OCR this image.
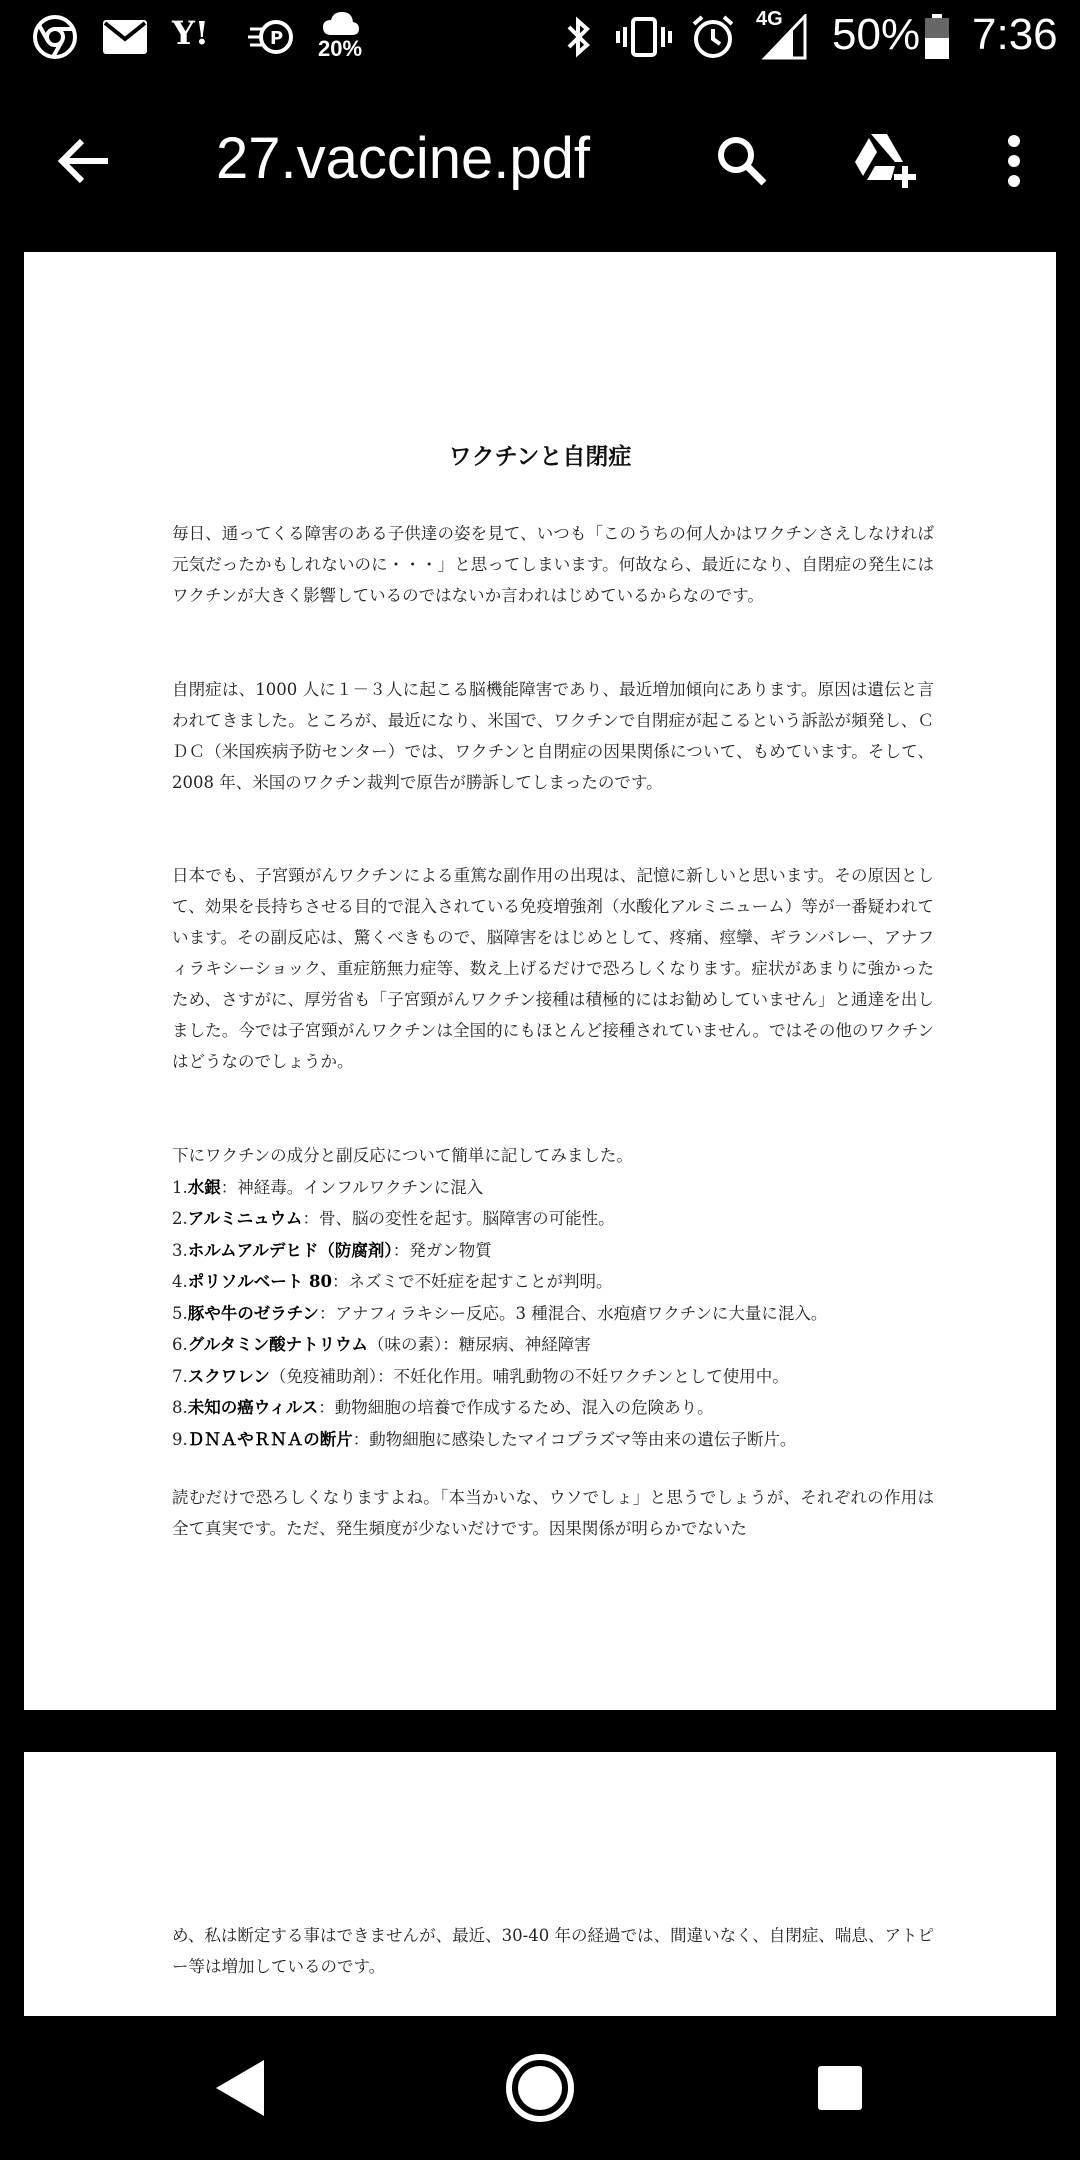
Y!	P 20%
4G 50% 7:36
27.vaccine.pdf
ワクチンと自閉症

毎日、通ってくる障害のある子供達の姿を見て、いつも「このうちの何人かはワクチンさえしなければ元気だったかもしれないのに・・・」と思ってしまいます。何故なら、最近になり、自閉症の発生にはワクチンが大きく影響しているのではないか言われはじめているからなのです。

自閉症は、1000 人に１－３人に起こる脳機能障害であり、最近増加傾向にあります。原因は遺伝と言われてきました。ところが、最近になり、米国で、ワクチンで自閉症が起こるという訴訟が頻発し、ＣＤＣ（米国疾病予防センター）では、ワクチンと自閉症の因果関係について、もめています。そして、2008 年、米国のワクチン裁判で原告が勝訴してしまったのです。

日本でも、子宮頸がんワクチンによる重篤な副作用の出現は、記憶に新しいと思います。その原因として、効果を長持ちさせる目的で混入されている免疫増強剤（水酸化アルミニューム）等が一番疑われています。その副反応は、驚くべきもので、脳障害をはじめとして、疼痛、痙攣、ギランバレー、アナフィラキシーショック、重症筋無力症等、数え上げるだけで恐ろしくなります。症状があまりに強かったため、さすがに、厚労省も「子宮頸がんワクチン接種は積極的にはお勧めしていません」と通達を出しました。今では子宮頸がんワクチンは全国的にもほとんど接種されていません。ではその他のワクチンはどうなのでしょうか。

下にワクチンの成分と副反応について簡単に記してみました。
1.水銀：神経毒。インフルワクチンに混入
2.アルミニュウム：骨、脳の変性を起す。脳障害の可能性。
3.ホルムアルデヒド（防腐剤）：発ガン物質
4.ポリソルベート 80：ネズミで不妊症を起すことが判明。
5.豚や牛のゼラチン：アナフィラキシー反応。3 種混合、水疱瘡ワクチンに大量に混入。
6.グルタミン酸ナトリウム（味の素）：糖尿病、神経障害
7.スクワレン（免疫補助剤）：不妊化作用。哺乳動物の不妊ワクチンとして使用中。
8.未知の癌ウィルス：動物細胞の培養で作成するため、混入の危険あり。
9.ＤＮＡやＲＮＡの断片：動物細胞に感染したマイコプラズマ等由来の遺伝子断片。

読むだけで恐ろしくなりますよね。「本当かいな、ウソでしょ」と思うでしょうが、それぞれの作用は全て真実です。ただ、発生頻度が少ないだけです。因果関係が明らかでないた

め、私は断定する事はできませんが、最近、30-40 年の経過では、間違いなく、自閉症、喘息、アトピー等は増加しているのです。
